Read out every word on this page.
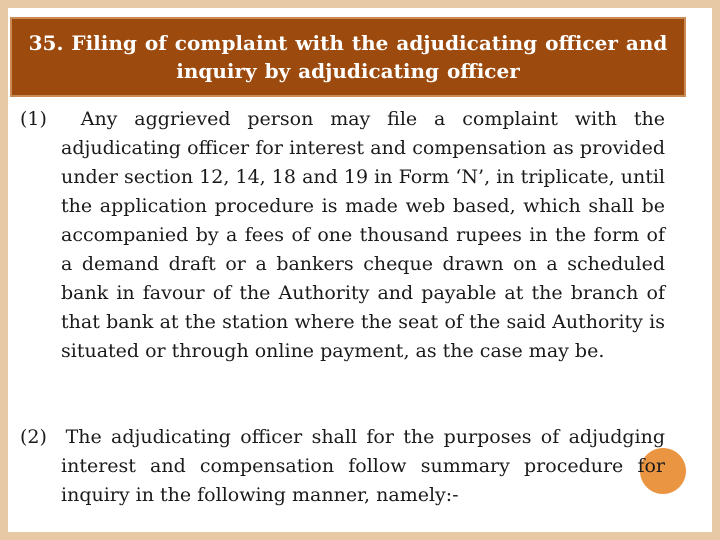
35. Filing of complaint with the adjudicating officer and
inquiry by adjudicating officer
(1) Any aggrieved person may file a complaint with the adjudicating officer for interest and compensation as provided under section 12, 14, 18 and 19 in Form ‘N’, in triplicate, until the application procedure is made web based, which shall be accompanied by a fees of one thousand rupees in the form of a demand draft or a bankers cheque drawn on a scheduled bank in favour of the Authority and payable at the branch of that bank at the station where the seat of the said Authority is situated or through online payment, as the case may be.
(2) The adjudicating officer shall for the purposes of adjudging interest and compensation follow summary procedure for inquiry in the following manner, namely:-
